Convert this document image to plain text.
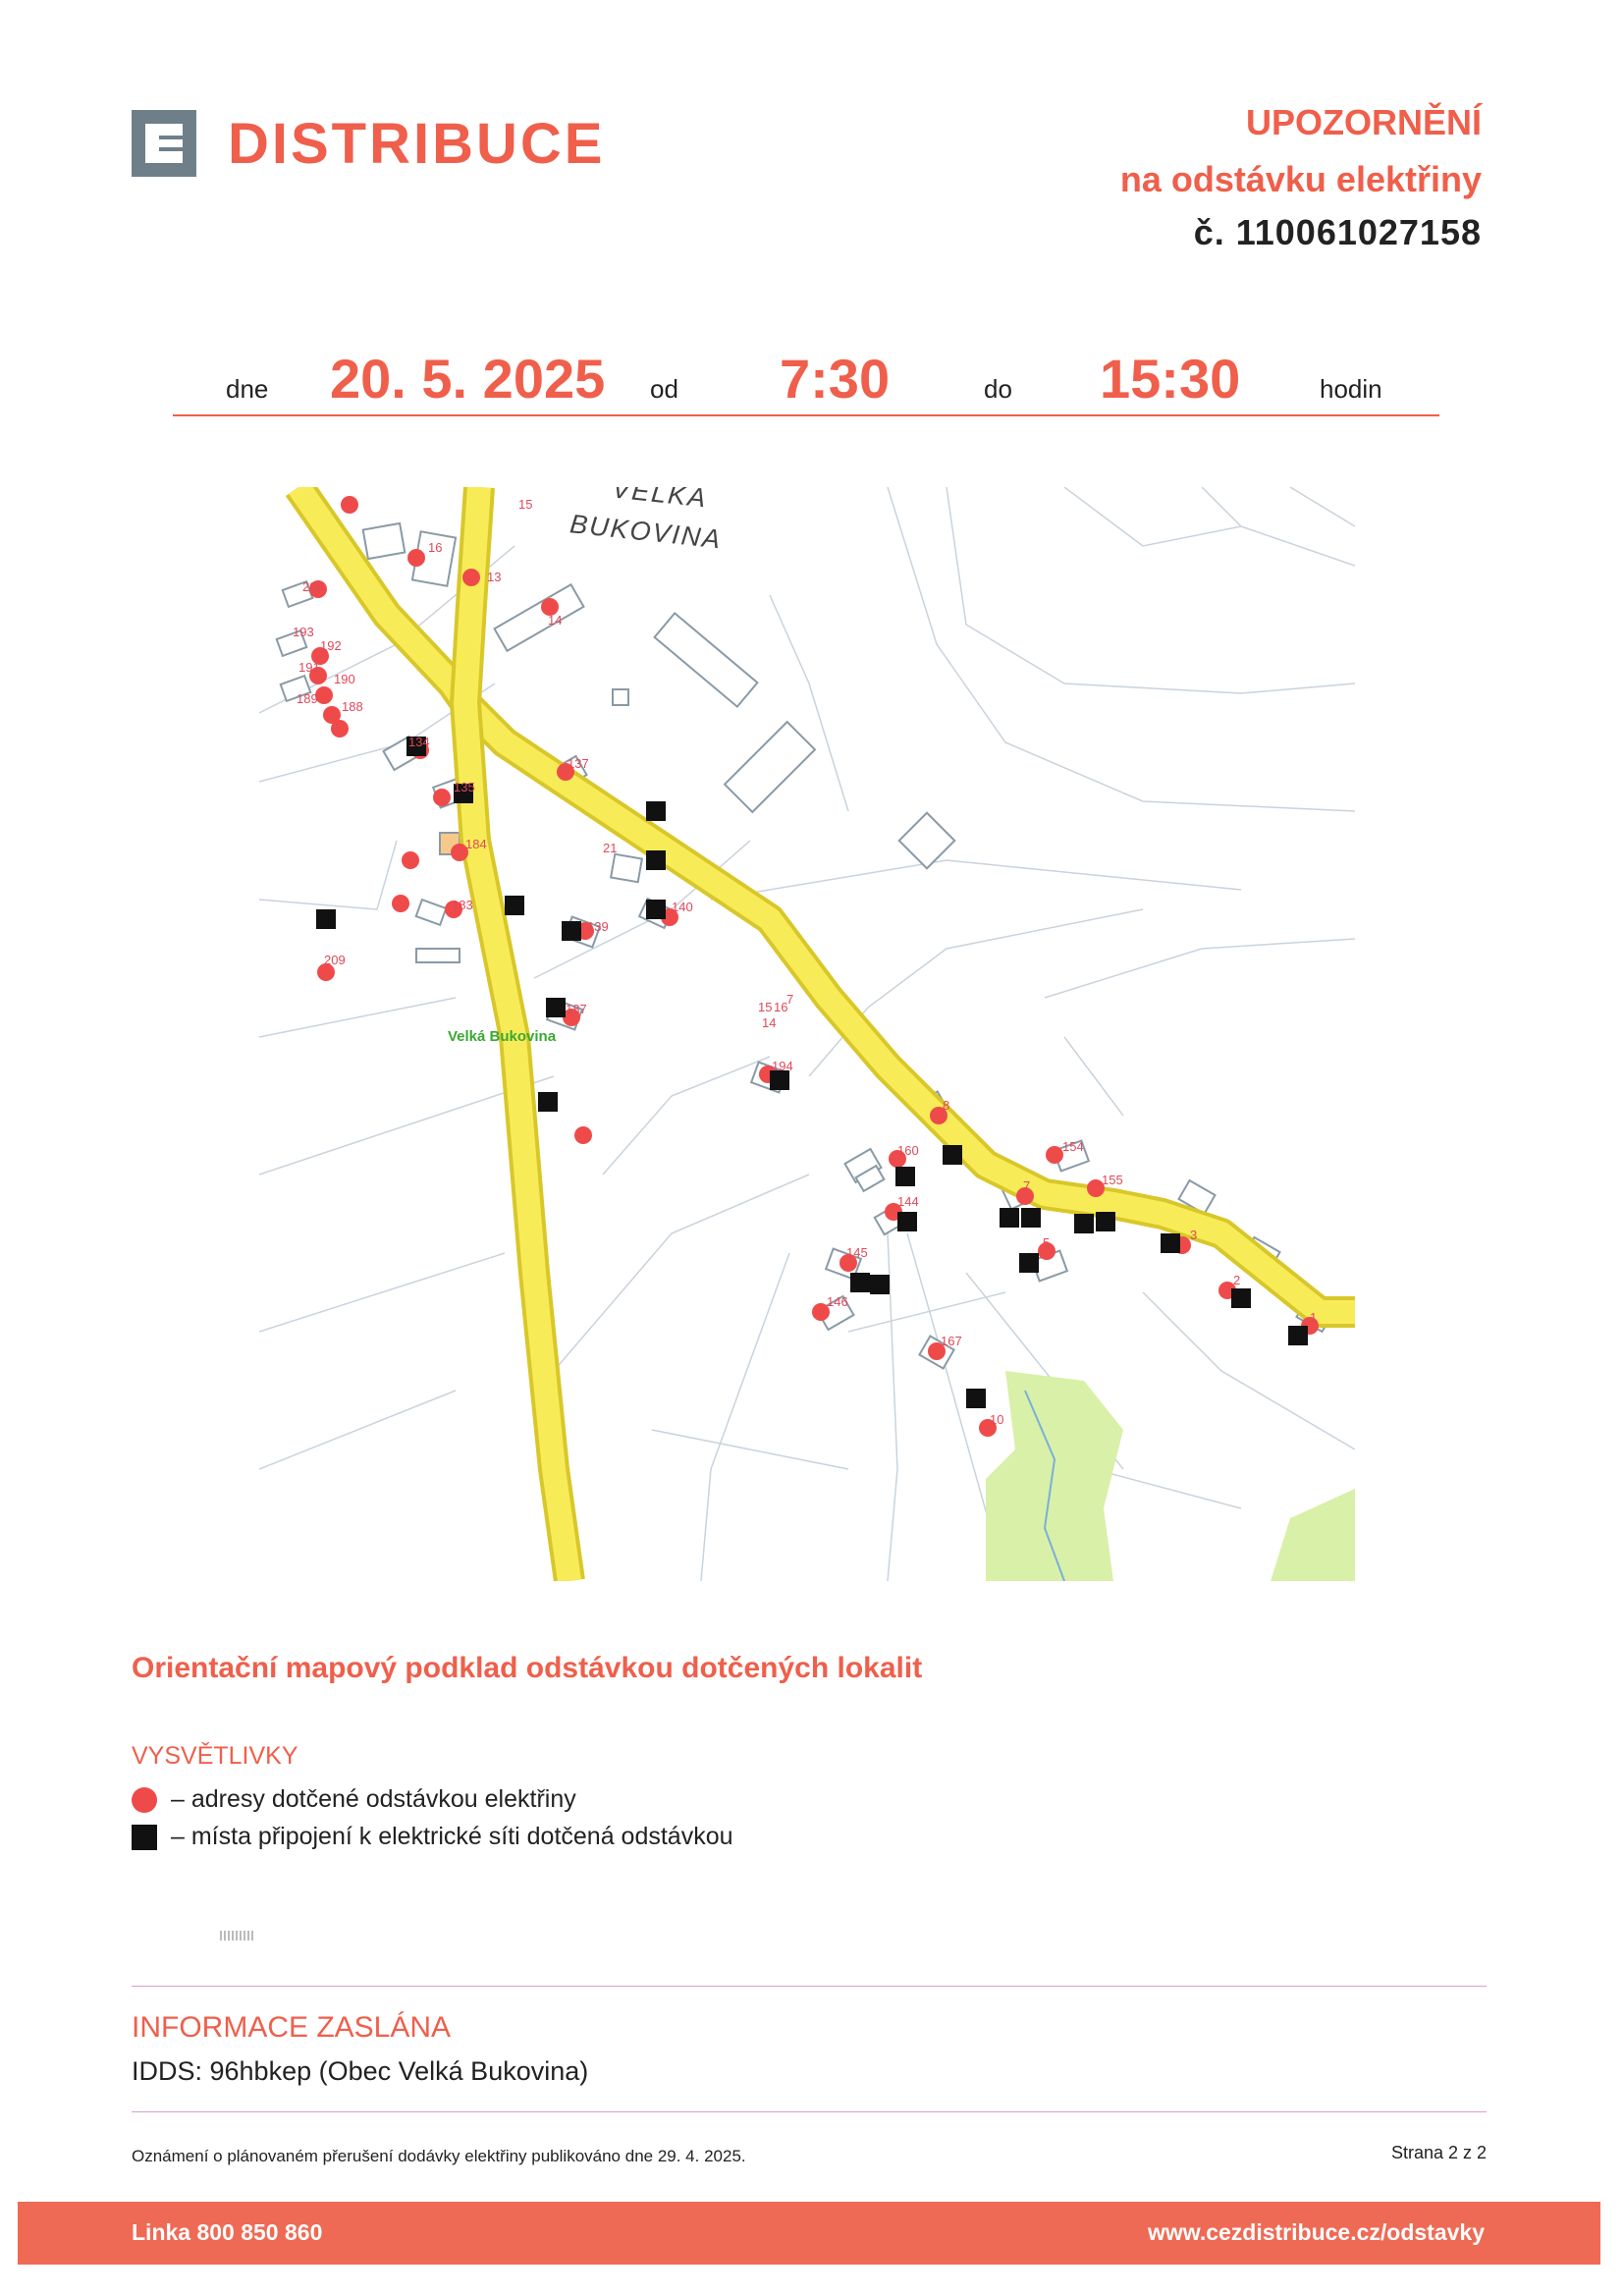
DISTRIBUCE	UPOZORNĚNÍ
na odstávku elektřiny
č. 110061027158
dne 20. 5. 2025 od 7:30	do 15:30	hodin
15
16
13
14
206
193
192
191
190
189
188
134
137
135
184	21
183	140
139
209
187	15 16
7
14
194
8
160	154
155
144
7
3
5
145
2
146
1
167
10
VELKÁ
BUKOVINA
Velká Bukovina
Orientační mapový podklad odstávkou dotčených lokalit
VYSVĚTLIVKY
– adresy dotčené odstávkou elektřiny
– místa připojení k elektrické síti dotčená odstávkou
INFORMACE ZASLÁNA
IDDS: 96hbkep (Obec Velká Bukovina)
Oznámení o plánovaném přerušení dodávky elektřiny publikováno dne 29. 4. 2025.	Strana 2 z 2
Linka 800 850 860	www.cezdistribuce.cz/odstavky
